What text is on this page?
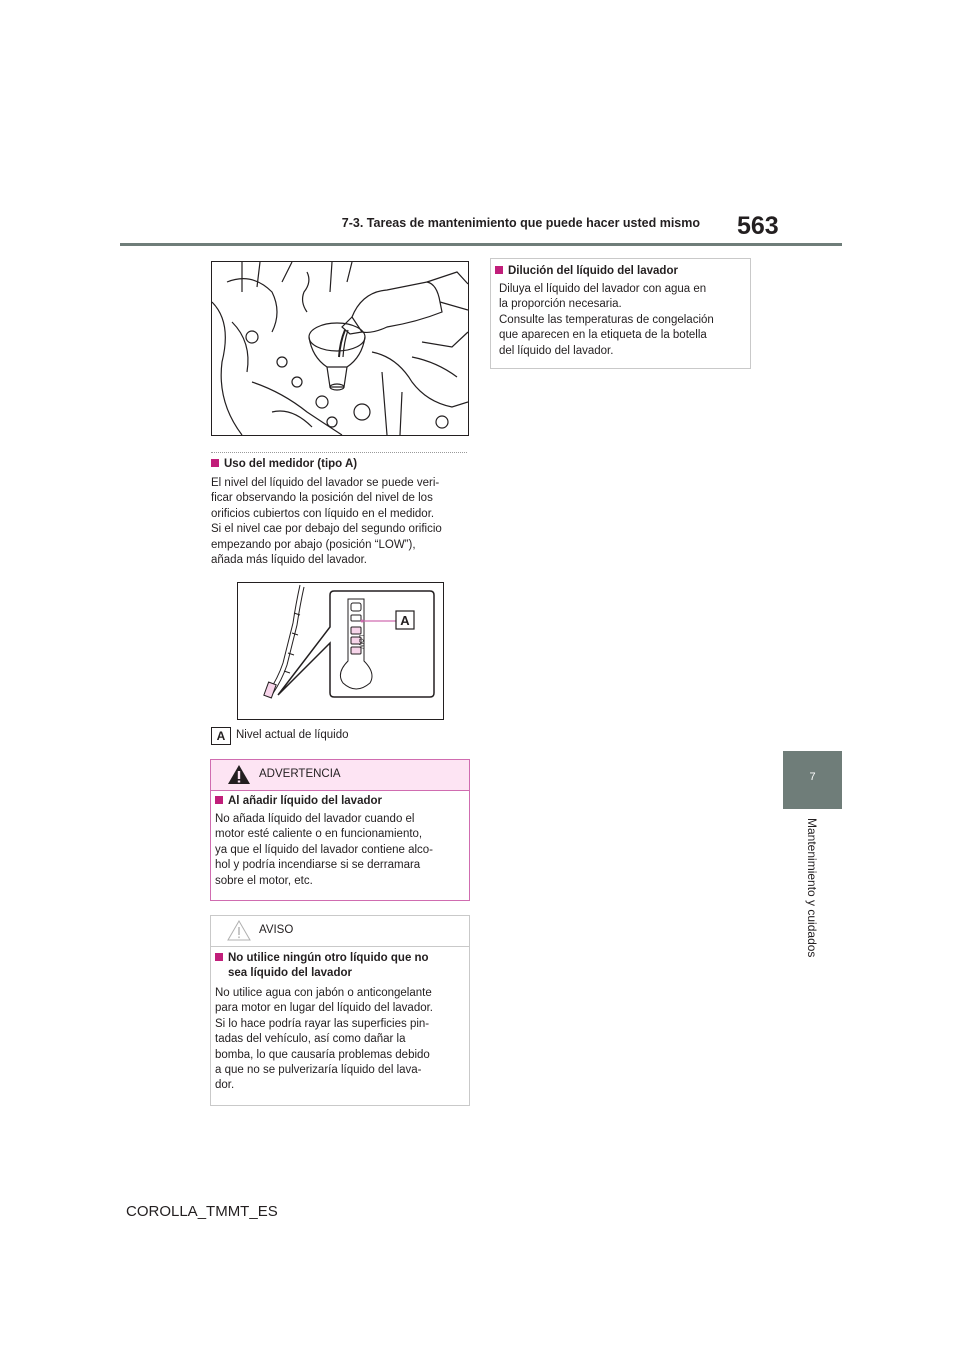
7-3. Tareas de mantenimiento que puede hacer usted mismo 563
7
Mantenimiento y cuidados
Uso del medidor (tipo A)
El nivel del líquido del lavador se puede veri-
ficar observando la posición del nivel de los
orificios cubiertos con líquido en el medidor.
Si el nivel cae por debajo del segundo orificio
empezando por abajo (posición “LOW”),
añada más líquido del lavador.
LOW
A
A Nivel actual de líquido
ADVERTENCIA
Al añadir líquido del lavador
No añada líquido del lavador cuando el
motor esté caliente o en funcionamiento,
ya que el líquido del lavador contiene alco-
hol y podría incendiarse si se derramara
sobre el motor, etc.
AVISO
No utilice ningún otro líquido que no
sea líquido del lavador
No utilice agua con jabón o anticongelante
para motor en lugar del líquido del lavador.
Si lo hace podría rayar las superficies pin-
tadas del vehículo, así como dañar la
bomba, lo que causaría problemas debido
a que no se pulverizaría líquido del lava-
dor.
Dilución del líquido del lavador
Diluya el líquido del lavador con agua en
la proporción necesaria.
Consulte las temperaturas de congelación
que aparecen en la etiqueta de la botella
del líquido del lavador.
COROLLA_TMMT_ES
